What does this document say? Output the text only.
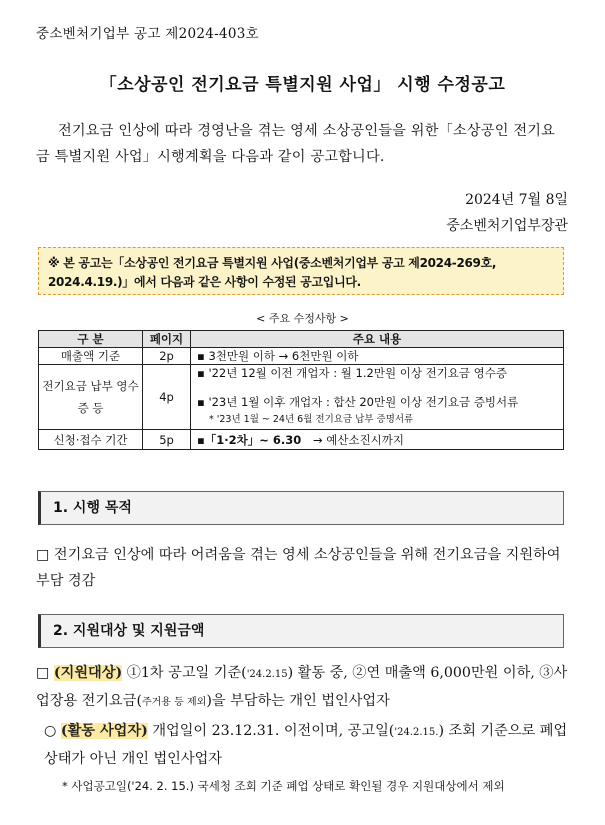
중소벤처기업부 공고 제2024-403호
「소상공인 전기요금 특별지원 사업」 시행 수정공고
전기요금 인상에 따라 경영난을 겪는 영세 소상공인들을 위한「소상공인 전기요금 특별지원 사업」시행계획을 다음과 같이 공고합니다.
2024년 7월 8일
중소벤처기업부장관
※ 본 공고는「소상공인 전기요금 특별지원 사업(중소벤처기업부 공고 제2024-269호, 2024.4.19.)」에서 다음과 같은 사항이 수정된 공고입니다.
< 주요 수정사항 >
구 분	페이지	주요 내용
매출액 기준	2p	▪ 3천만원 이하 → 6천만원 이하
전기요금 납부 영수증 등	4p	▪ '22년 12월 이전 개업자 : 월 1.2만원 이상 전기요금 영수증
▪ '23년 1월 이후 개업자 : 합산 20만원 이상 전기요금 증빙서류
* '23년 1월 ~ 24년 6월 전기요금 납부 증명서류

신청·접수 기간	5p	▪「1·2차」~ 6.30 → 예산소진시까지
1. 시행 목적
□ 전기요금 인상에 따라 어려움을 겪는 영세 소상공인들을 위해 전기요금을 지원하여 부담 경감
2. 지원대상 및 지원금액
□ (지원대상) ①1차 공고일 기준('24.2.15) 활동 중, ②연 매출액 6,000만원 이하, ③사업장용 전기요금(주거용 등 제외)을 부담하는 개인 법인사업자
○ (활동 사업자) 개업일이 23.12.31. 이전이며, 공고일('24.2.15.) 조회 기준으로 폐업상태가 아닌 개인 법인사업자
* 사업공고일('24. 2. 15.) 국세청 조회 기준 폐업 상태로 확인될 경우 지원대상에서 제외
